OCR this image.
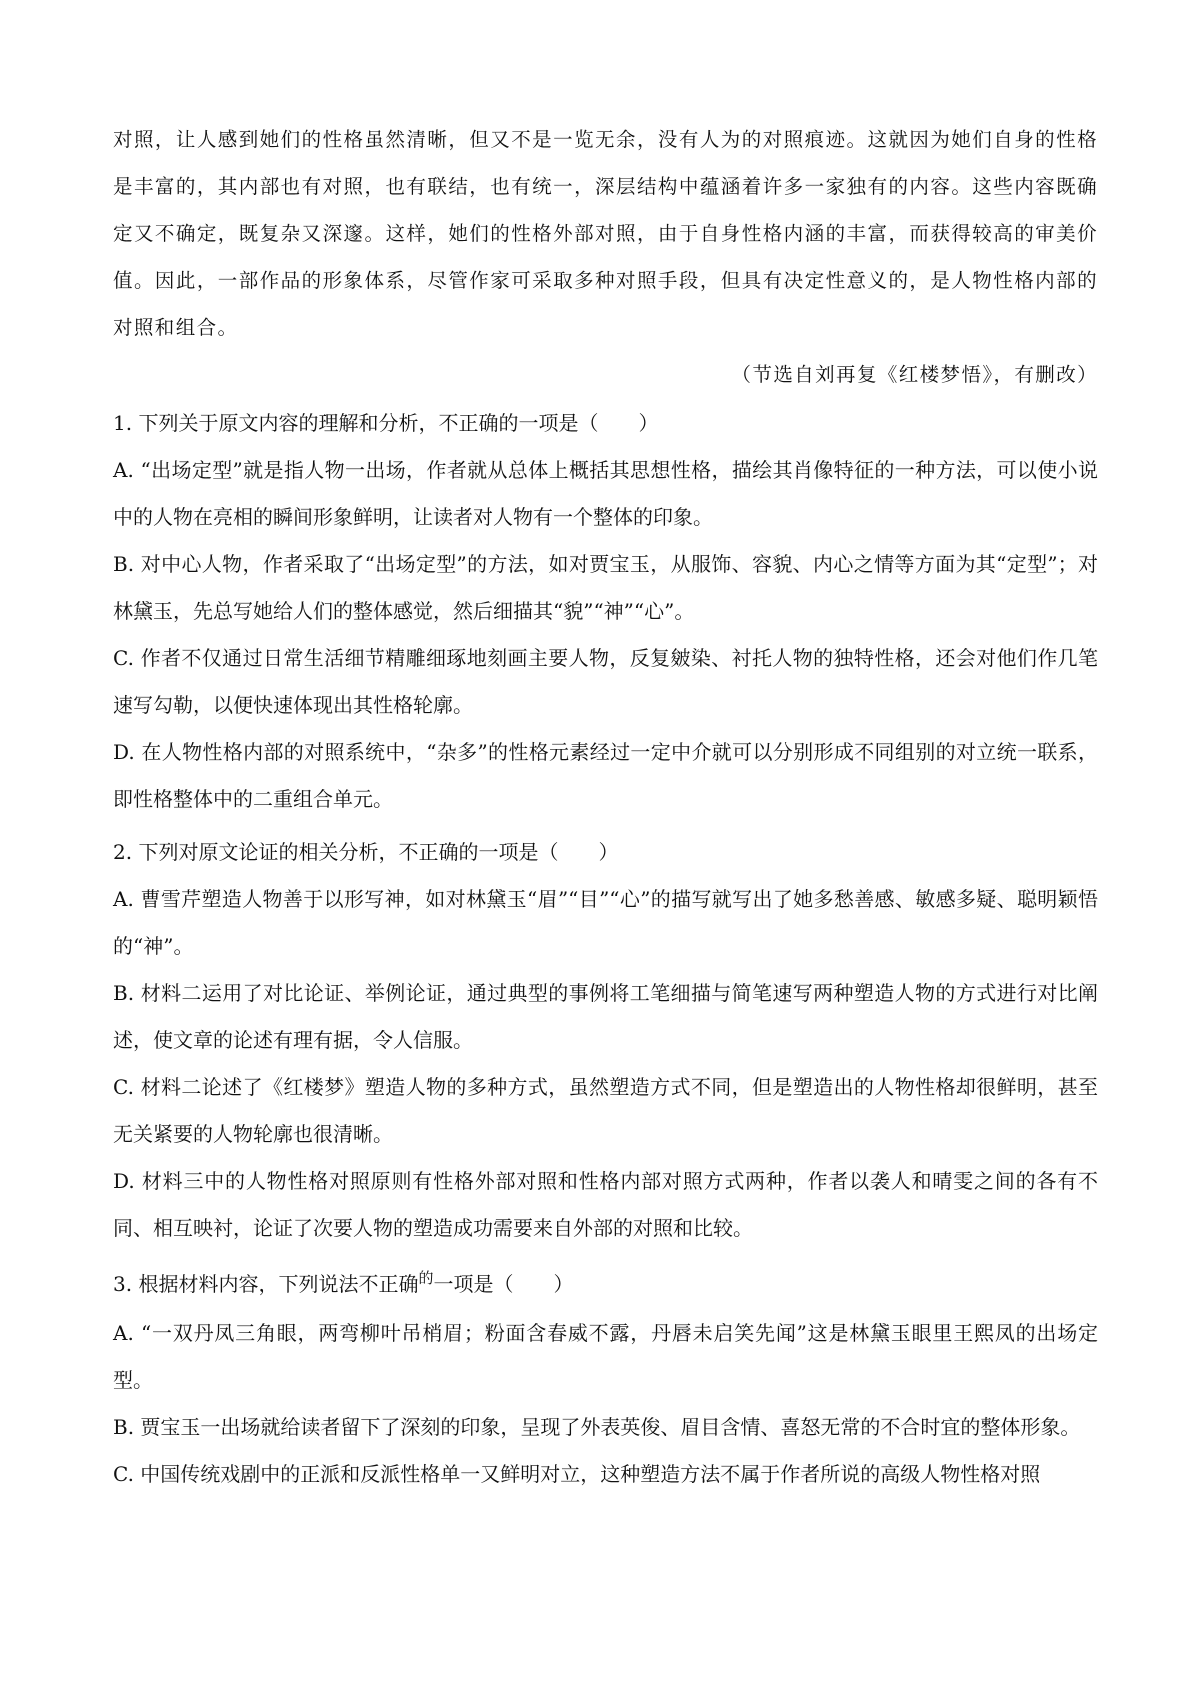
对照，让人感到她们的性格虽然清晰，但又不是一览无余，没有人为的对照痕迹。这就因为她们自身的性格是丰富的，其内部也有对照，也有联结，也有统一，深层结构中蕴涵着许多一家独有的内容。这些内容既确定又不确定，既复杂又深邃。这样，她们的性格外部对照，由于自身性格内涵的丰富，而获得较高的审美价值。因此，一部作品的形象体系，尽管作家可采取多种对照手段，但具有决定性意义的，是人物性格内部的对照和组合。
（节选自刘再复《红楼梦悟》，有删改）
1. 下列关于原文内容的理解和分析，不正确的一项是（　　）
A. “出场定型”就是指人物一出场，作者就从总体上概括其思想性格，描绘其肖像特征的一种方法，可以使小说中的人物在亮相的瞬间形象鲜明，让读者对人物有一个整体的印象。
B. 对中心人物，作者采取了“出场定型”的方法，如对贾宝玉，从服饰、容貌、内心之情等方面为其“定型”；对林黛玉，先总写她给人们的整体感觉，然后细描其“貌”“神”“心”。
C. 作者不仅通过日常生活细节精雕细琢地刻画主要人物，反复皴染、衬托人物的独特性格，还会对他们作几笔速写勾勒，以便快速体现出其性格轮廓。
D. 在人物性格内部的对照系统中，“杂多”的性格元素经过一定中介就可以分别形成不同组别的对立统一联系，即性格整体中的二重组合单元。
2. 下列对原文论证的相关分析，不正确的一项是（　　）
A. 曹雪芹塑造人物善于以形写神，如对林黛玉“眉”“目”“心”的描写就写出了她多愁善感、敏感多疑、聪明颖悟的“神”。
B. 材料二运用了对比论证、举例论证，通过典型的事例将工笔细描与简笔速写两种塑造人物的方式进行对比阐述，使文章的论述有理有据，令人信服。
C. 材料二论述了《红楼梦》塑造人物的多种方式，虽然塑造方式不同，但是塑造出的人物性格却很鲜明，甚至无关紧要的人物轮廓也很清晰。
D. 材料三中的人物性格对照原则有性格外部对照和性格内部对照方式两种，作者以袭人和晴雯之间的各有不同、相互映衬，论证了次要人物的塑造成功需要来自外部的对照和比较。
3. 根据材料内容，下列说法不正确$^的$一项是（　　）
A. “一双丹凤三角眼，两弯柳叶吊梢眉；粉面含春威不露，丹唇未启笑先闻”这是林黛玉眼里王熙凤的出场定型。
B. 贾宝玉一出场就给读者留下了深刻的印象，呈现了外表英俊、眉目含情、喜怒无常的不合时宜的整体形象。
C. 中国传统戏剧中的正派和反派性格单一又鲜明对立，这种塑造方法不属于作者所说的高级人物性格对照
